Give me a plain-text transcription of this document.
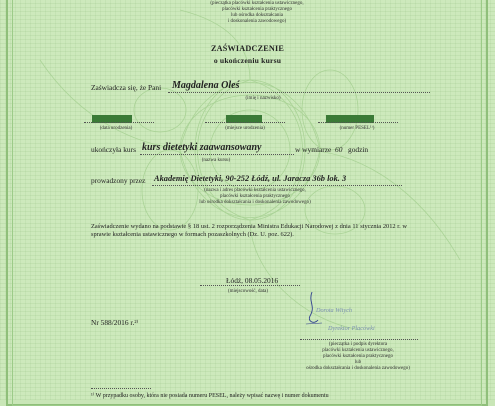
(pieczątka placówki kształcenia ustawicznego,
placówki kształcenia praktycznego
lub ośrodka dokształcania
i doskonalenia zawodowego)
ZAŚWIADCZENIE
o ukończeniu kursu
Zaświadcza się, że Pani Magdalena Oleś
(imię i nazwisko)
(data urodzenia)	(miejsce urodzenia)	(numer PESEL¹⁾)
ukończyła kurs kurs dietetyki zaawansowany	w wymiarze 60 godzin
(nazwa kursu)
prowadzony przez Akademię Dietetyki, 90-252 Łódź, ul. Jaracza 36b lok. 3
(nazwa i adres placówki kształcenia ustawicznego,
placówki kształcenia praktycznego
lub ośrodka dokształcania i doskonalenia zawodowego)
Zaświadczenie wydano na podstawie § 18 ust. 2 rozporządzenia Ministra Edukacji Narodowej z dnia 11 stycznia 2012 r. w sprawie kształcenia ustawicznego w formach pozaszkolnych (Dz. U. poz. 622).
Łódź, 08.05.2016
(miejscowość, data)
Nr 588/2016 r.²⁾
Dorota Witych
Dyrektor Placówki
(pieczątka i podpis dyrektora
placówki kształcenia ustawicznego,
placówki kształcenia praktycznego
lub
ośrodka dokształcania i doskonalenia zawodowego)
¹⁾ W przypadku osoby, która nie posiada numeru PESEL, należy wpisać nazwę i numer dokumentu
